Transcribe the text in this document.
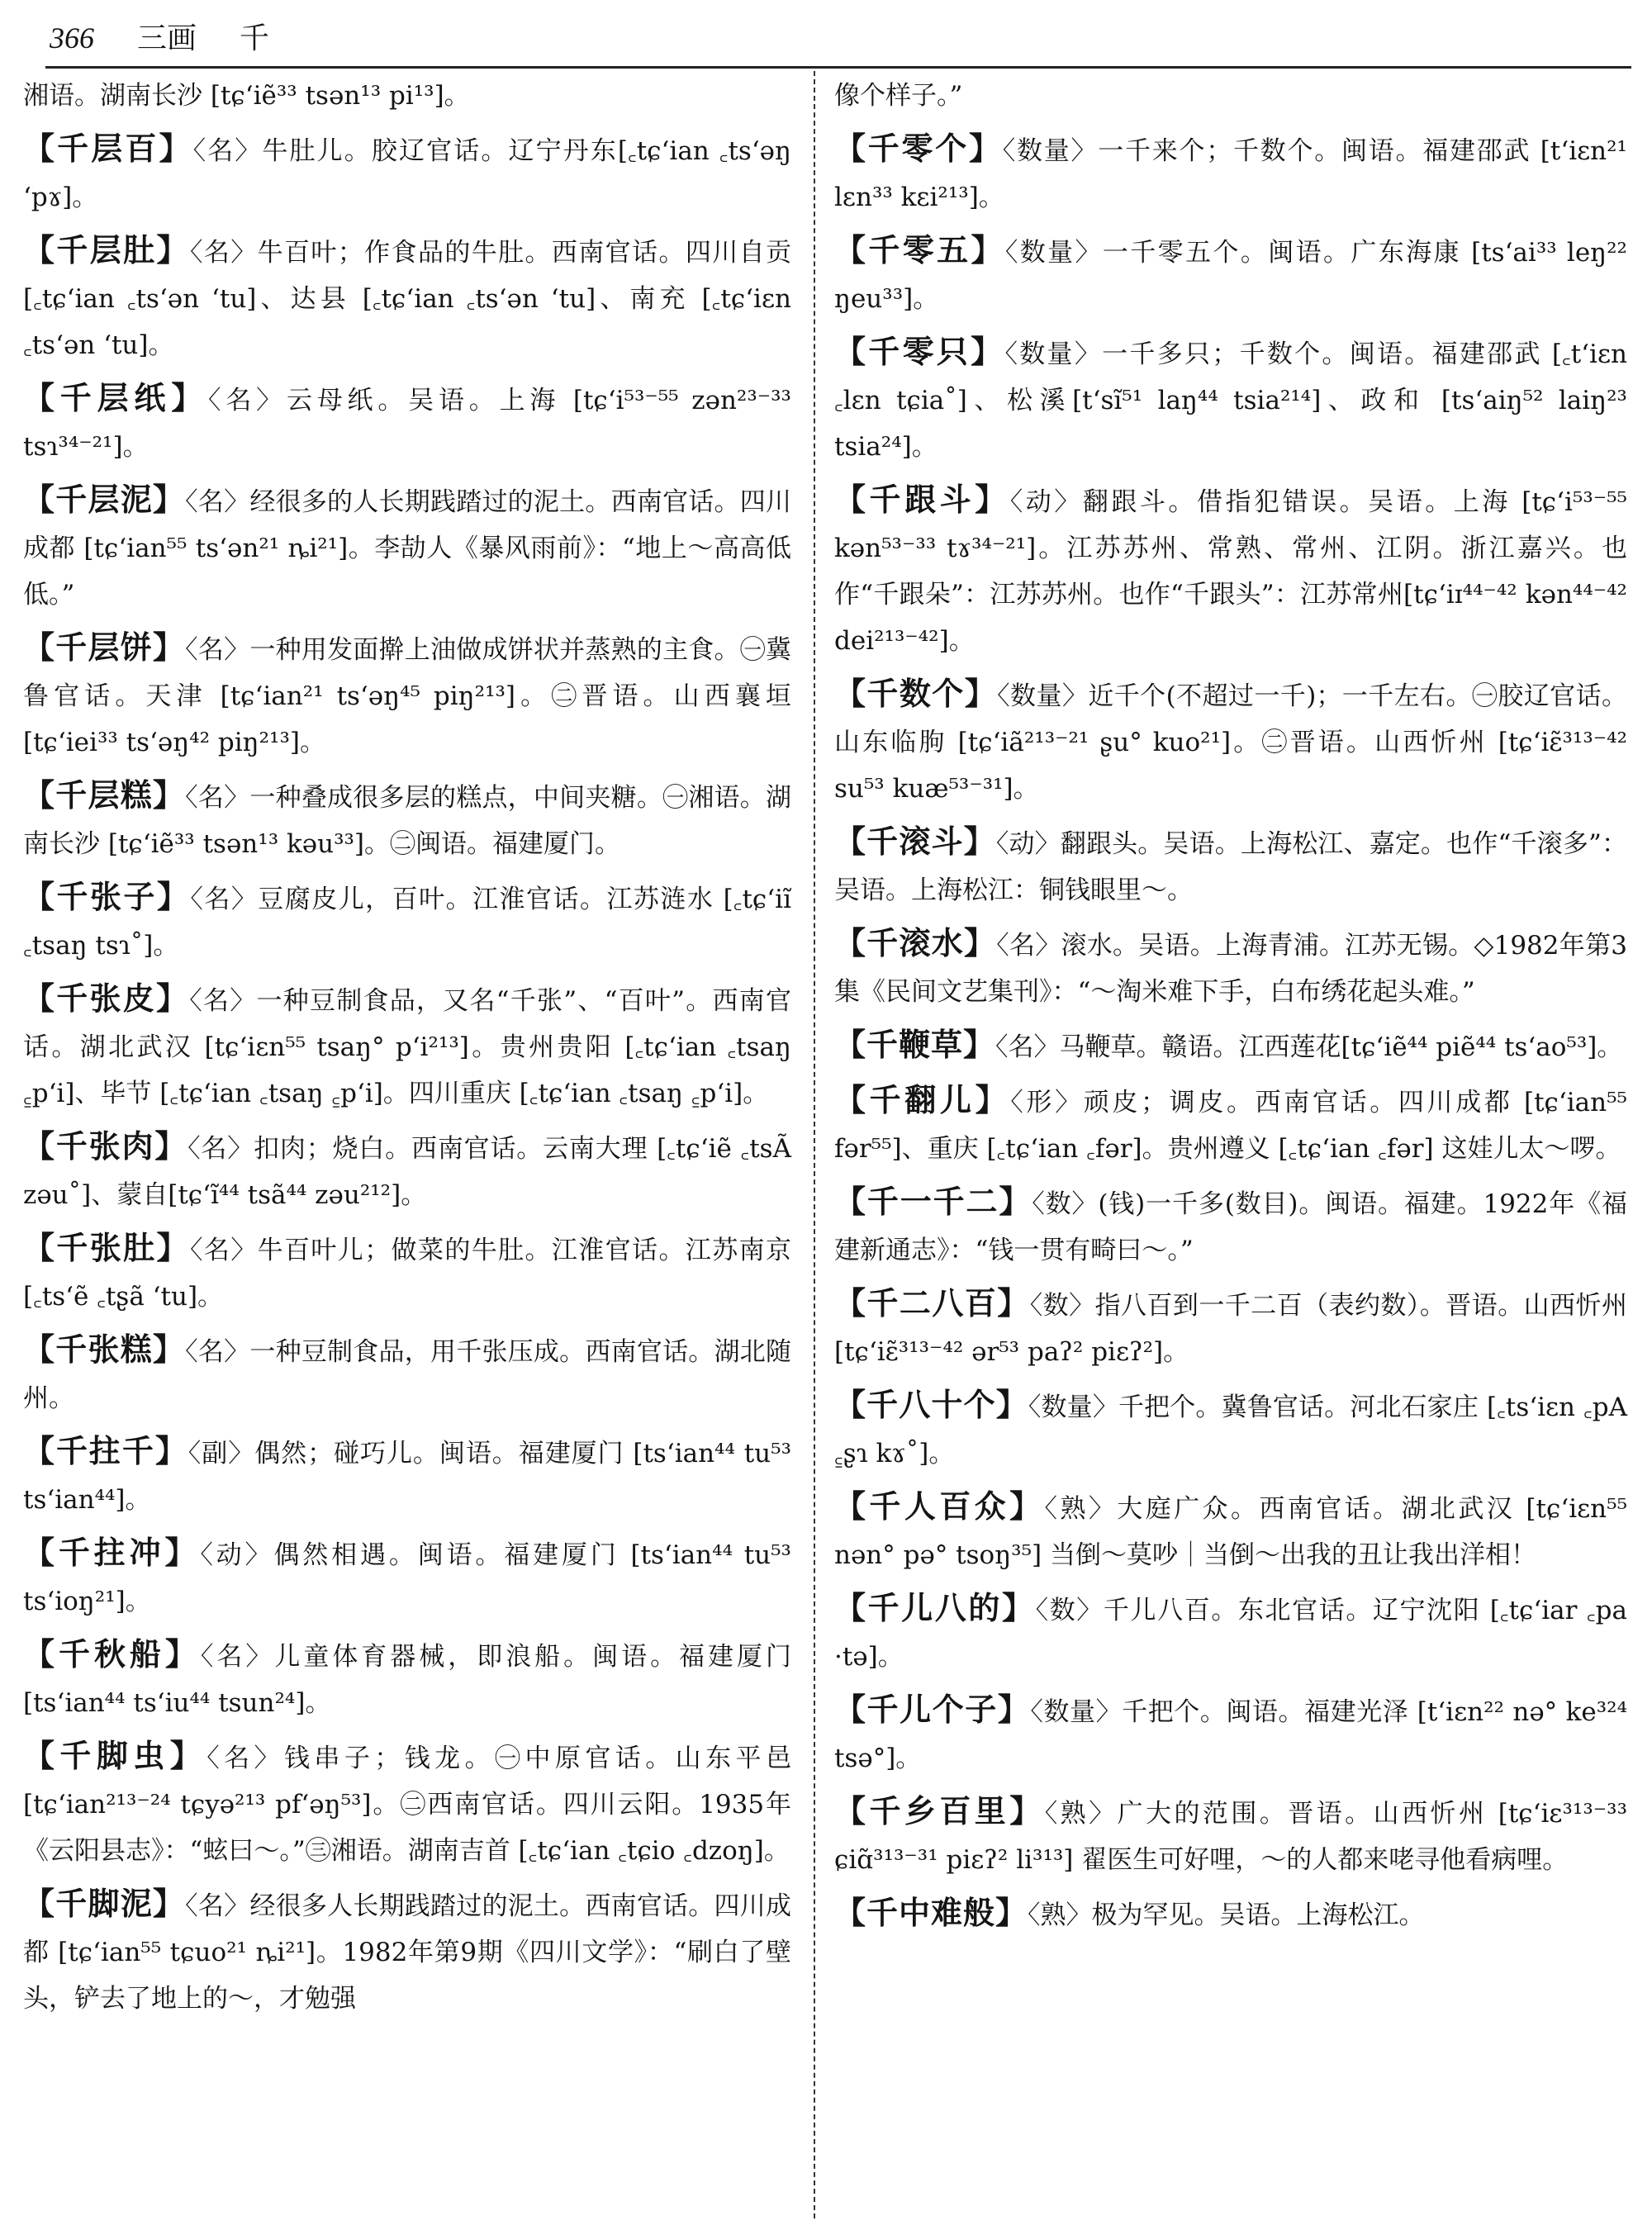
366 三画 千
湘语。湖南长沙 [tɕʻiẽ³³ tsən¹³ pi¹³]。
【千层百】〈名〉牛肚儿。胶辽官话。辽宁丹东[꜀tɕʻian ꜀tsʻəŋ ʻpɤ]。
【千层肚】〈名〉牛百叶；作食品的牛肚。西南官话。四川自贡[꜀tɕʻian ꜀tsʻən ʻtu]、达县 [꜀tɕʻian ꜀tsʻən ʻtu]、南充 [꜀tɕʻiɛn ꜀tsʻən ʻtu]。
【千层纸】〈名〉云母纸。吴语。上海 [tɕʻi⁵³⁻⁵⁵ zən²³⁻³³ tsɿ³⁴⁻²¹]。
【千层泥】〈名〉经很多的人长期践踏过的泥土。西南官话。四川成都 [tɕʻian⁵⁵ tsʻən²¹ ȵi²¹]。李劼人《暴风雨前》：“地上～高高低低。”
【千层饼】〈名〉一种用发面擀上油做成饼状并蒸熟的主食。㊀冀鲁官话。天津 [tɕʻian²¹ tsʻəŋ⁴⁵ piŋ²¹³]。㊁晋语。山西襄垣 [tɕʻiei³³ tsʻəŋ⁴² piŋ²¹³]。
【千层糕】〈名〉一种叠成很多层的糕点，中间夹糖。㊀湘语。湖南长沙 [tɕʻiẽ³³ tsən¹³ kəu³³]。㊁闽语。福建厦门。
【千张子】〈名〉豆腐皮儿，百叶。江淮官话。江苏涟水 [꜀tɕʻiĩ ꜀tsaŋ tsɿ˚]。
【千张皮】〈名〉一种豆制食品，又名“千张”、“百叶”。西南官话。湖北武汉 [tɕʻiɛn⁵⁵ tsaŋ° pʻi²¹³]。贵州贵阳 [꜀tɕʻian ꜀tsaŋ ꜁pʻi]、毕节 [꜀tɕʻian ꜀tsaŋ ꜁pʻi]。四川重庆 [꜀tɕʻian ꜀tsaŋ ꜁pʻi]。
【千张肉】〈名〉扣肉；烧白。西南官话。云南大理 [꜀tɕʻiẽ ꜀tsÃ zəu˚]、蒙自[tɕʻĩ⁴⁴ tsã⁴⁴ zəu²¹²]。
【千张肚】〈名〉牛百叶儿；做菜的牛肚。江淮官话。江苏南京 [꜀tsʻẽ ꜀tʂã ʻtu]。
【千张糕】〈名〉一种豆制食品，用千张压成。西南官话。湖北随州。
【千拄千】〈副〉偶然；碰巧儿。闽语。福建厦门 [tsʻian⁴⁴ tu⁵³ tsʻian⁴⁴]。
【千拄冲】〈动〉偶然相遇。闽语。福建厦门 [tsʻian⁴⁴ tu⁵³ tsʻioŋ²¹]。
【千秋船】〈名〉儿童体育器械，即浪船。闽语。福建厦门 [tsʻian⁴⁴ tsʻiu⁴⁴ tsun²⁴]。
【千脚虫】〈名〉钱串子；钱龙。㊀中原官话。山东平邑 [tɕʻian²¹³⁻²⁴ tɕyə²¹³ pfʻəŋ⁵³]。㊁西南官话。四川云阳。1935年《云阳县志》：“蚿曰～。”㊂湘语。湖南吉首 [꜀tɕʻian ꜀tɕio ꜀dzoŋ]。
【千脚泥】〈名〉经很多人长期践踏过的泥土。西南官话。四川成都 [tɕʻian⁵⁵ tɕuo²¹ ȵi²¹]。1982年第9期《四川文学》：“刷白了壁头，铲去了地上的～，才勉强
像个样子。”
【千零个】〈数量〉一千来个；千数个。闽语。福建邵武 [tʻiɛn²¹ lɛn³³ kɛi²¹³]。
【千零五】〈数量〉一千零五个。闽语。广东海康 [tsʻai³³ leŋ²² ŋeu³³]。
【千零只】〈数量〉一千多只；千数个。闽语。福建邵武 [꜀tʻiɛn ꜀lɛn tɕia˚]、松溪[tʻsĩ⁵¹ laŋ⁴⁴ tsia²¹⁴]、政和 [tsʻaiŋ⁵² laiŋ²³ tsia²⁴]。
【千跟斗】〈动〉翻跟斗。借指犯错误。吴语。上海 [tɕʻi⁵³⁻⁵⁵ kən⁵³⁻³³ tɤ³⁴⁻²¹]。江苏苏州、常熟、常州、江阴。浙江嘉兴。也作“千跟朵”：江苏苏州。也作“千跟头”：江苏常州[tɕʻiɪ⁴⁴⁻⁴² kən⁴⁴⁻⁴² dei²¹³⁻⁴²]。
【千数个】〈数量〉近千个(不超过一千)；一千左右。㊀胶辽官话。山东临朐 [tɕʻiã²¹³⁻²¹ ʂu° kuo²¹]。㊁晋语。山西忻州 [tɕʻiɛ̃³¹³⁻⁴² su⁵³ kuæ⁵³⁻³¹]。
【千滚斗】〈动〉翻跟头。吴语。上海松江、嘉定。也作“千滚多”：吴语。上海松江：铜钱眼里～。
【千滚水】〈名〉滚水。吴语。上海青浦。江苏无锡。◇1982年第3集《民间文艺集刊》：“～淘米难下手，白布绣花起头难。”
【千鞭草】〈名〉马鞭草。赣语。江西莲花[tɕʻiẽ⁴⁴ piẽ⁴⁴ tsʻao⁵³]。
【千翻儿】〈形〉顽皮；调皮。西南官话。四川成都 [tɕʻian⁵⁵ fər⁵⁵]、重庆 [꜀tɕʻian ꜀fər]。贵州遵义 [꜀tɕʻian ꜀fər] 这娃儿太～啰。
【千一千二】〈数〉(钱)一千多(数目)。闽语。福建。1922年《福建新通志》：“钱一贯有畸曰～。”
【千二八百】〈数〉指八百到一千二百（表约数）。晋语。山西忻州 [tɕʻiɛ̃³¹³⁻⁴² ər⁵³ paʔ² piɛʔ²]。
【千八十个】〈数量〉千把个。冀鲁官话。河北石家庄 [꜀tsʻiɛn ꜀pA ꜁ʂɿ kɤ˚]。
【千人百众】〈熟〉大庭广众。西南官话。湖北武汉 [tɕʻiɛn⁵⁵ nən° pə° tsoŋ³⁵] 当倒～莫吵｜当倒～出我的丑让我出洋相！
【千儿八的】〈数〉千儿八百。东北官话。辽宁沈阳 [꜀tɕʻiar ꜀pa ·tə]。
【千儿个子】〈数量〉千把个。闽语。福建光泽 [tʻiɛn²² nə° ke³²⁴ tsə°]。
【千乡百里】〈熟〉广大的范围。晋语。山西忻州 [tɕʻiɛ³¹³⁻³³ ɕiɑ̃³¹³⁻³¹ piɛʔ² li³¹³] 翟医生可好哩，～的人都来咾寻他看病哩。
【千中难般】〈熟〉极为罕见。吴语。上海松江。
